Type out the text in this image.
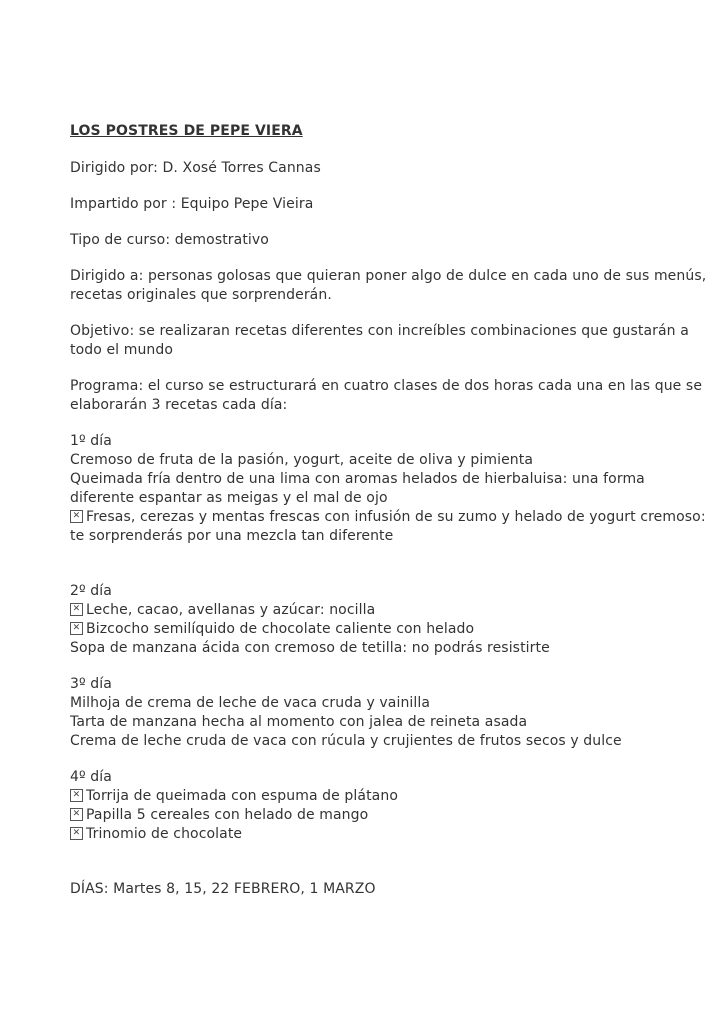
LOS POSTRES DE PEPE VIERA
Dirigido por: D. Xosé Torres Cannas
Impartido por : Equipo Pepe Vieira
Tipo de curso: demostrativo
Dirigido a: personas golosas que quieran poner algo de dulce en cada uno de sus menús, recetas originales que sorprenderán.
Objetivo: se realizaran recetas diferentes con increíbles combinaciones que gustarán a todo el mundo
Programa: el curso se estructurará en cuatro clases de dos horas cada una en las que se elaborarán 3 recetas cada día:
1º día
Cremoso de fruta de la pasión, yogurt, aceite de oliva y pimienta
Queimada fría dentro de una lima con aromas helados de hierbaluisa: una forma diferente espantar as meigas y el mal de ojo
✕Fresas, cerezas y mentas frescas con infusión de su zumo y helado de yogurt cremoso: te sorprenderás por una mezcla tan diferente
2º día
✕Leche, cacao, avellanas y azúcar: nocilla
✕Bizcocho semilíquido de chocolate caliente con helado
Sopa de manzana ácida con cremoso de tetilla: no podrás resistirte
3º día
Milhoja de crema de leche de vaca cruda y vainilla
Tarta de manzana hecha al momento con jalea de reineta asada
Crema de leche cruda de vaca con rúcula y crujientes de frutos secos y dulce
4º día
✕Torrija de queimada con espuma de plátano
✕Papilla 5 cereales con helado de mango
✕Trinomio de chocolate
DÍAS: Martes 8, 15, 22 FEBRERO, 1 MARZO
